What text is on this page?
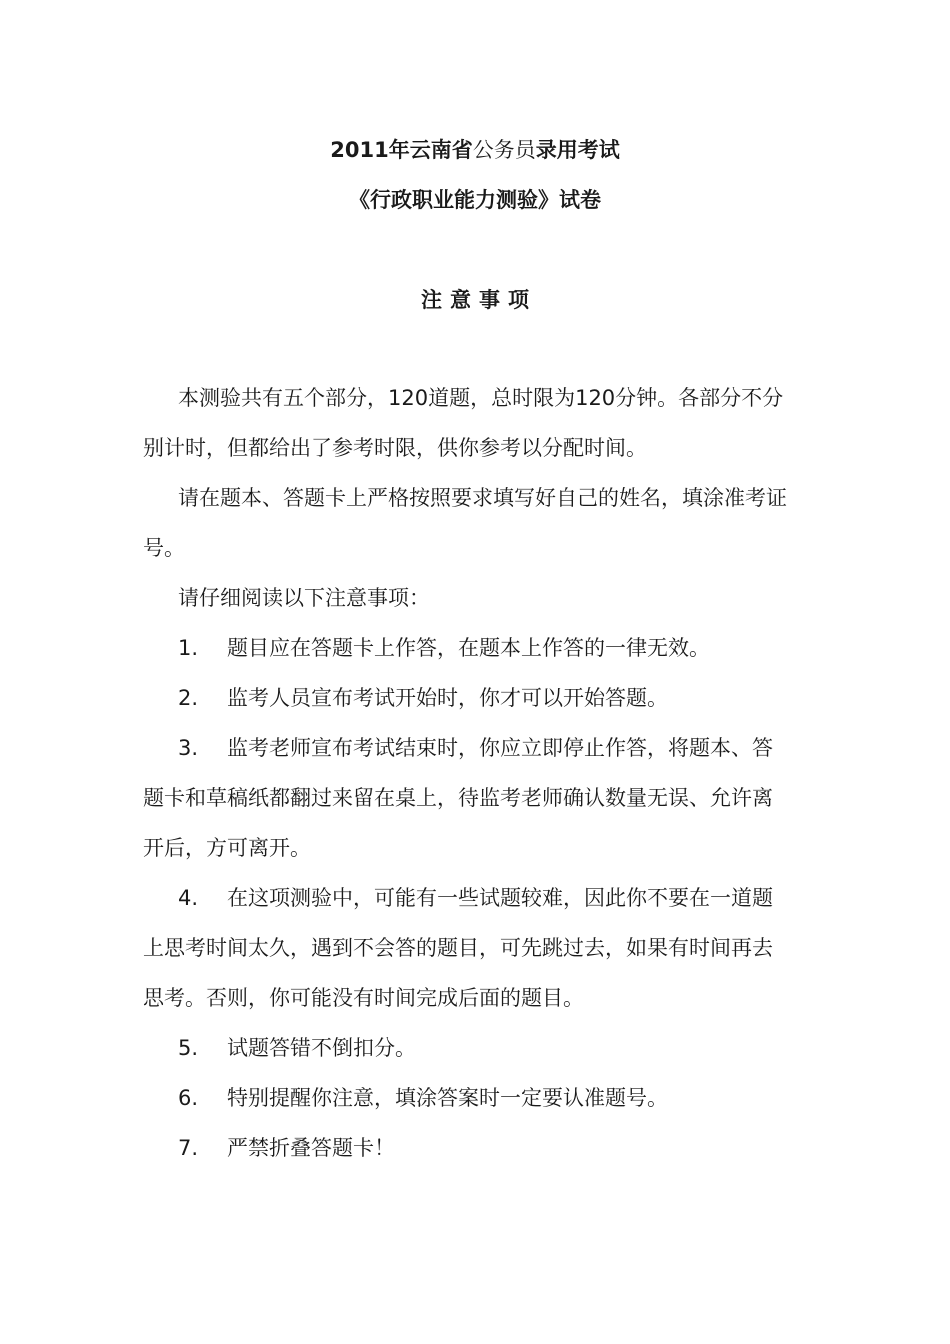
2011年云南省公务员录用考试
《行政职业能力测验》试卷
注意事项
本测验共有五个部分，120道题，总时限为120分钟。各部分不分
别计时，但都给出了参考时限，供你参考以分配时间。
请在题本、答题卡上严格按照要求填写好自己的姓名，填涂准考证
号。
请仔细阅读以下注意事项：
1. 题目应在答题卡上作答，在题本上作答的一律无效。
2. 监考人员宣布考试开始时，你才可以开始答题。
3. 监考老师宣布考试结束时，你应立即停止作答，将题本、答
题卡和草稿纸都翻过来留在桌上，待监考老师确认数量无误、允许离
开后，方可离开。
4. 在这项测验中，可能有一些试题较难，因此你不要在一道题
上思考时间太久，遇到不会答的题目，可先跳过去，如果有时间再去
思考。否则，你可能没有时间完成后面的题目。
5. 试题答错不倒扣分。
6. 特别提醒你注意，填涂答案时一定要认准题号。
7. 严禁折叠答题卡！
